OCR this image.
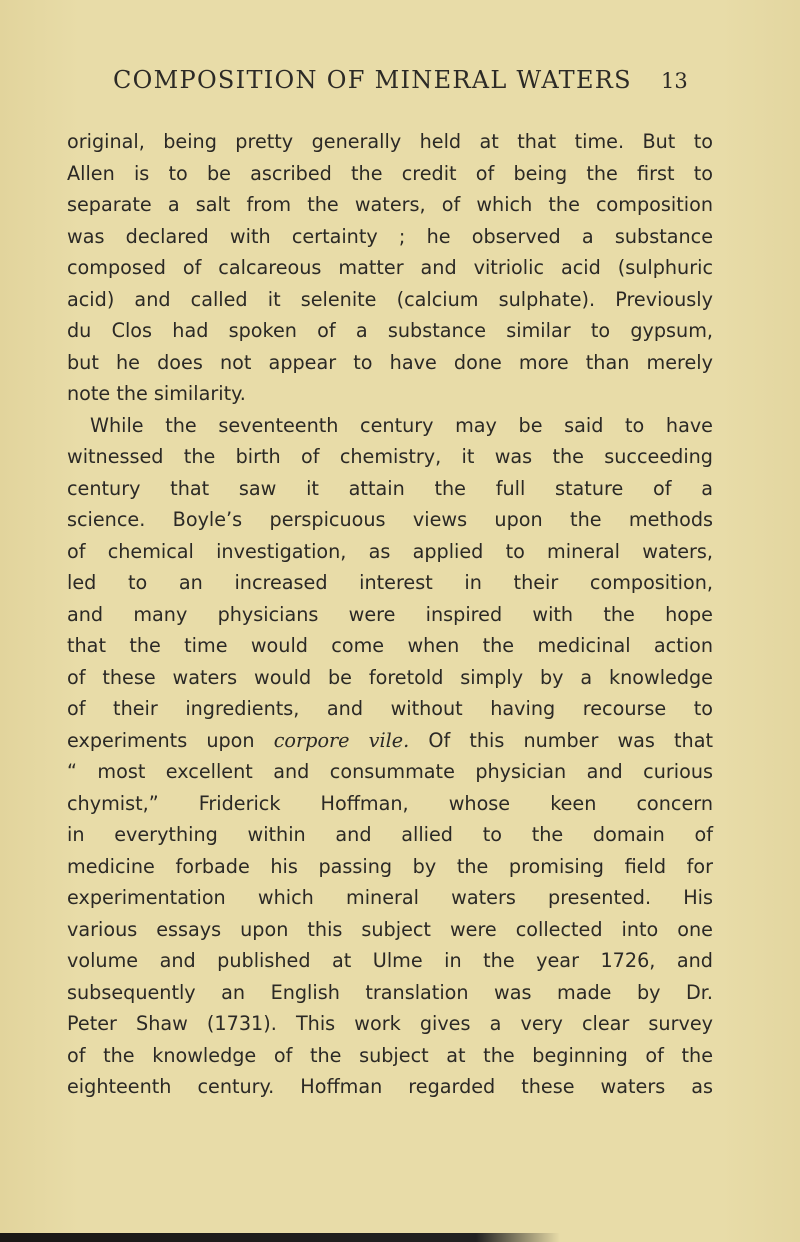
COMPOSITION OF MINERAL WATERS 13
original, being pretty generally held at that time. But to
Allen is to be ascribed the credit of being the first to
separate a salt from the waters, of which the composition
was declared with certainty ; he observed a substance
composed of calcareous matter and vitriolic acid (sulphuric
acid) and called it selenite (calcium sulphate). Previously
du Clos had spoken of a substance similar to gypsum,
but he does not appear to have done more than merely
note the similarity.
While the seventeenth century may be said to have
witnessed the birth of chemistry, it was the succeeding
century that saw it attain the full stature of a
science. Boyle’s perspicuous views upon the methods
of chemical investigation, as applied to mineral waters,
led to an increased interest in their composition,
and many physicians were inspired with the hope
that the time would come when the medicinal action
of these waters would be foretold simply by a knowledge
of their ingredients, and without having recourse to
experiments upon corpore vile. Of this number was that
“ most excellent and consummate physician and curious
chymist,” Friderick Hoffman, whose keen concern
in everything within and allied to the domain of
medicine forbade his passing by the promising field for
experimentation which mineral waters presented. His
various essays upon this subject were collected into one
volume and published at Ulme in the year 1726, and
subsequently an English translation was made by Dr.
Peter Shaw (1731). This work gives a very clear survey
of the knowledge of the subject at the beginning of the
eighteenth century. Hoffman regarded these waters as
